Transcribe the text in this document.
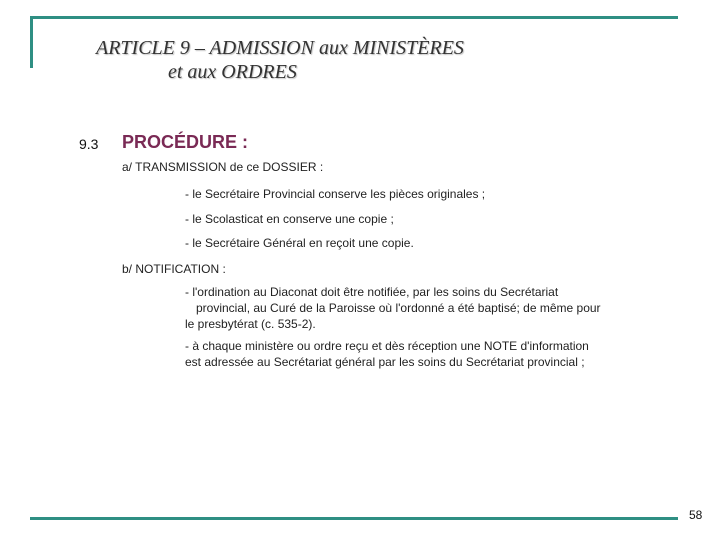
ARTICLE 9 – ADMISSION aux MINISTÈRES
et aux ORDRES
9.3 PROCÉDURE :
a/ TRANSMISSION de ce DOSSIER :
- le Secrétaire Provincial conserve les pièces originales ;
- le Scolasticat en conserve une copie ;
- le Secrétaire Général en reçoit une copie.
b/ NOTIFICATION :
- l'ordination au Diaconat doit être notifiée, par les soins du Secrétariat
provincial, au Curé de la Paroisse où l'ordonné a été baptisé; de même pour
le presbytérat (c. 535-2).
- à chaque ministère ou ordre reçu et dès réception une NOTE d'information
est adressée au Secrétariat général par les soins du Secrétariat provincial ;
58
